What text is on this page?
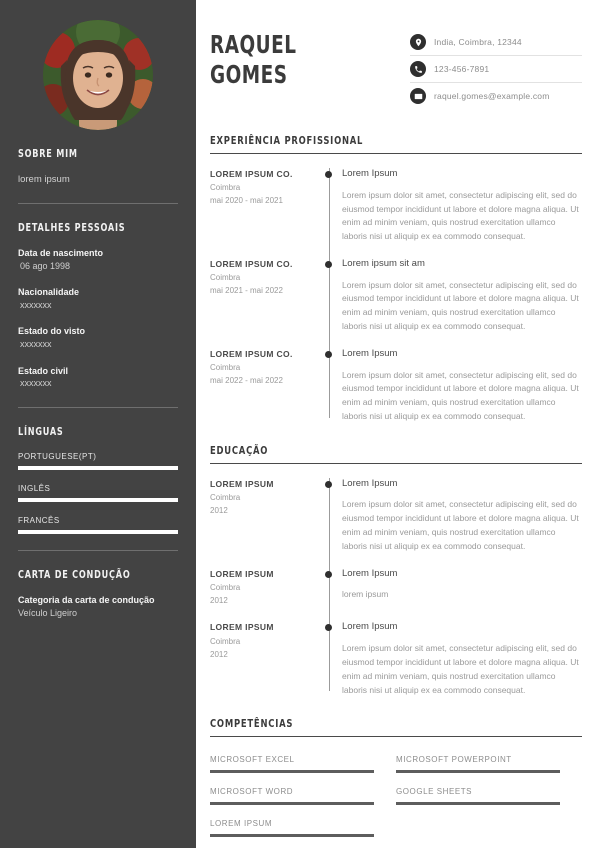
SOBRE MIM
lorem ipsum
DETALHES PESSOAIS
Data de nascimento
06 ago 1998
Nacionalidade
xxxxxxx
Estado do visto
xxxxxxx
Estado civil
xxxxxxx
LÍNGUAS
PORTUGUESE(PT)
INGLÊS
FRANCÊS
CARTA DE CONDUÇÃO
Categoria da carta de condução
Veículo Ligeiro
RAQUEL
GOMES
India, Coimbra, 12344
123-456-7891
raquel.gomes@example.com
EXPERIÊNCIA PROFISSIONAL
LOREM IPSUM CO.
Coimbra
mai 2020 - mai 2021
Lorem Ipsum
Lorem ipsum dolor sit amet, consectetur adipiscing elit, sed do eiusmod tempor incididunt ut labore et dolore magna aliqua. Ut enim ad minim veniam, quis nostrud exercitation ullamco laboris nisi ut aliquip ex ea commodo consequat.
LOREM IPSUM CO.
Coimbra
mai 2021 - mai 2022
Lorem ipsum sit am
Lorem ipsum dolor sit amet, consectetur adipiscing elit, sed do eiusmod tempor incididunt ut labore et dolore magna aliqua. Ut enim ad minim veniam, quis nostrud exercitation ullamco laboris nisi ut aliquip ex ea commodo consequat.
LOREM IPSUM CO.
Coimbra
mai 2022 - mai 2022
Lorem Ipsum
Lorem ipsum dolor sit amet, consectetur adipiscing elit, sed do eiusmod tempor incididunt ut labore et dolore magna aliqua. Ut enim ad minim veniam, quis nostrud exercitation ullamco laboris nisi ut aliquip ex ea commodo consequat.
EDUCAÇÃO
LOREM IPSUM
Coimbra
2012
Lorem Ipsum
Lorem ipsum dolor sit amet, consectetur adipiscing elit, sed do eiusmod tempor incididunt ut labore et dolore magna aliqua. Ut enim ad minim veniam, quis nostrud exercitation ullamco laboris nisi ut aliquip ex ea commodo consequat.
LOREM IPSUM
Coimbra
2012
Lorem Ipsum
lorem ipsum
LOREM IPSUM
Coimbra
2012
Lorem Ipsum
Lorem ipsum dolor sit amet, consectetur adipiscing elit, sed do eiusmod tempor incididunt ut labore et dolore magna aliqua. Ut enim ad minim veniam, quis nostrud exercitation ullamco laboris nisi ut aliquip ex ea commodo consequat.
COMPETÊNCIAS
MICROSOFT EXCEL	MICROSOFT POWERPOINT
MICROSOFT WORD	GOOGLE SHEETS
LOREM IPSUM
